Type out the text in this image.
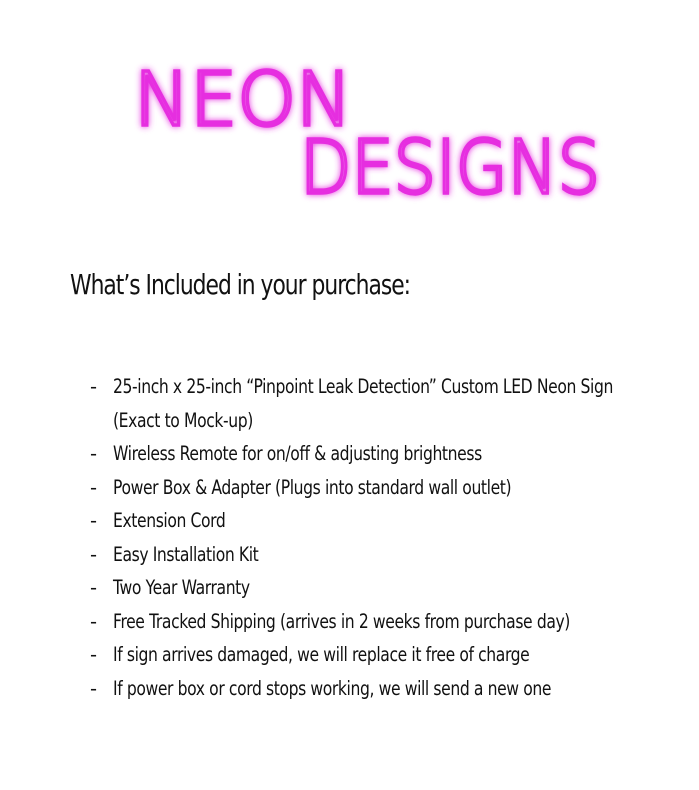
NEON
DESIGNS
What’s Included in your purchase:
- 25-inch x 25-inch “Pinpoint Leak Detection” Custom LED Neon Sign (Exact to Mock-up)
- Wireless Remote for on/off & adjusting brightness
- Power Box & Adapter (Plugs into standard wall outlet)
- Extension Cord
- Easy Installation Kit
- Two Year Warranty
- Free Tracked Shipping (arrives in 2 weeks from purchase day)
- If sign arrives damaged, we will replace it free of charge
- If power box or cord stops working, we will send a new one
